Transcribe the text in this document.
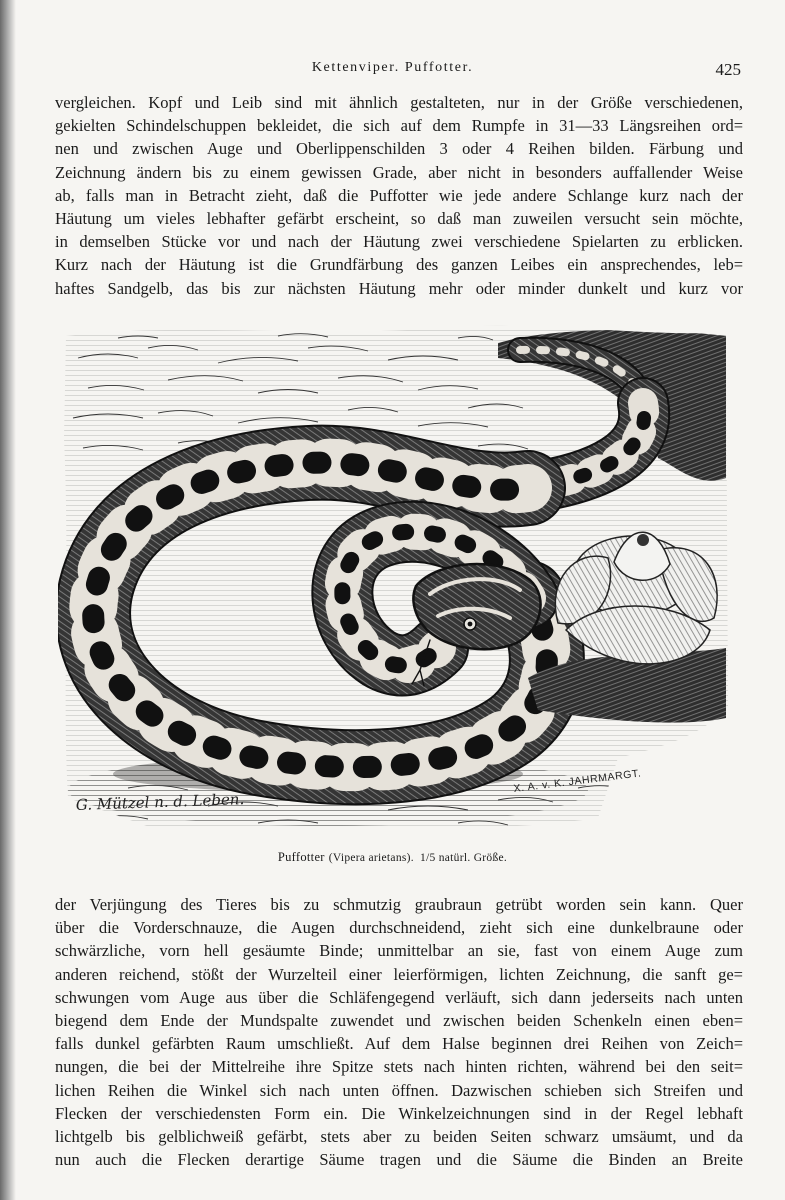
Kettenviper. Puffotter.	425
vergleichen. Kopf und Leib sind mit ähnlich gestalteten, nur in der Größe verschiedenen,
gekielten Schindelschuppen bekleidet, die sich auf dem Rumpfe in 31—33 Längsreihen ord=
nen und zwischen Auge und Oberlippenschilden 3 oder 4 Reihen bilden. Färbung und
Zeichnung ändern bis zu einem gewissen Grade, aber nicht in besonders auffallender Weise
ab, falls man in Betracht zieht, daß die Puffotter wie jede andere Schlange kurz nach der
Häutung um vieles lebhafter gefärbt erscheint, so daß man zuweilen versucht sein möchte,
in demselben Stücke vor und nach der Häutung zwei verschiedene Spielarten zu erblicken.
Kurz nach der Häutung ist die Grundfärbung des ganzen Leibes ein ansprechendes, leb=
haftes Sandgelb, das bis zur nächsten Häutung mehr oder minder dunkelt und kurz vor
G. Mützel n. d. Leben.
X. A. v. K. JAHRMARGT.
Puffotter (Vipera arietans). 1/5 natürl. Größe.
der Verjüngung des Tieres bis zu schmutzig graubraun getrübt worden sein kann. Quer
über die Vorderschnauze, die Augen durchschneidend, zieht sich eine dunkelbraune oder
schwärzliche, vorn hell gesäumte Binde; unmittelbar an sie, fast von einem Auge zum
anderen reichend, stößt der Wurzelteil einer leierförmigen, lichten Zeichnung, die sanft ge=
schwungen vom Auge aus über die Schläfengegend verläuft, sich dann jederseits nach unten
biegend dem Ende der Mundspalte zuwendet und zwischen beiden Schenkeln einen eben=
falls dunkel gefärbten Raum umschließt. Auf dem Halse beginnen drei Reihen von Zeich=
nungen, die bei der Mittelreihe ihre Spitze stets nach hinten richten, während bei den seit=
lichen Reihen die Winkel sich nach unten öffnen. Dazwischen schieben sich Streifen und
Flecken der verschiedensten Form ein. Die Winkelzeichnungen sind in der Regel lebhaft
lichtgelb bis gelblichweiß gefärbt, stets aber zu beiden Seiten schwarz umsäumt, und da
nun auch die Flecken derartige Säume tragen und die Säume die Binden an Breite
